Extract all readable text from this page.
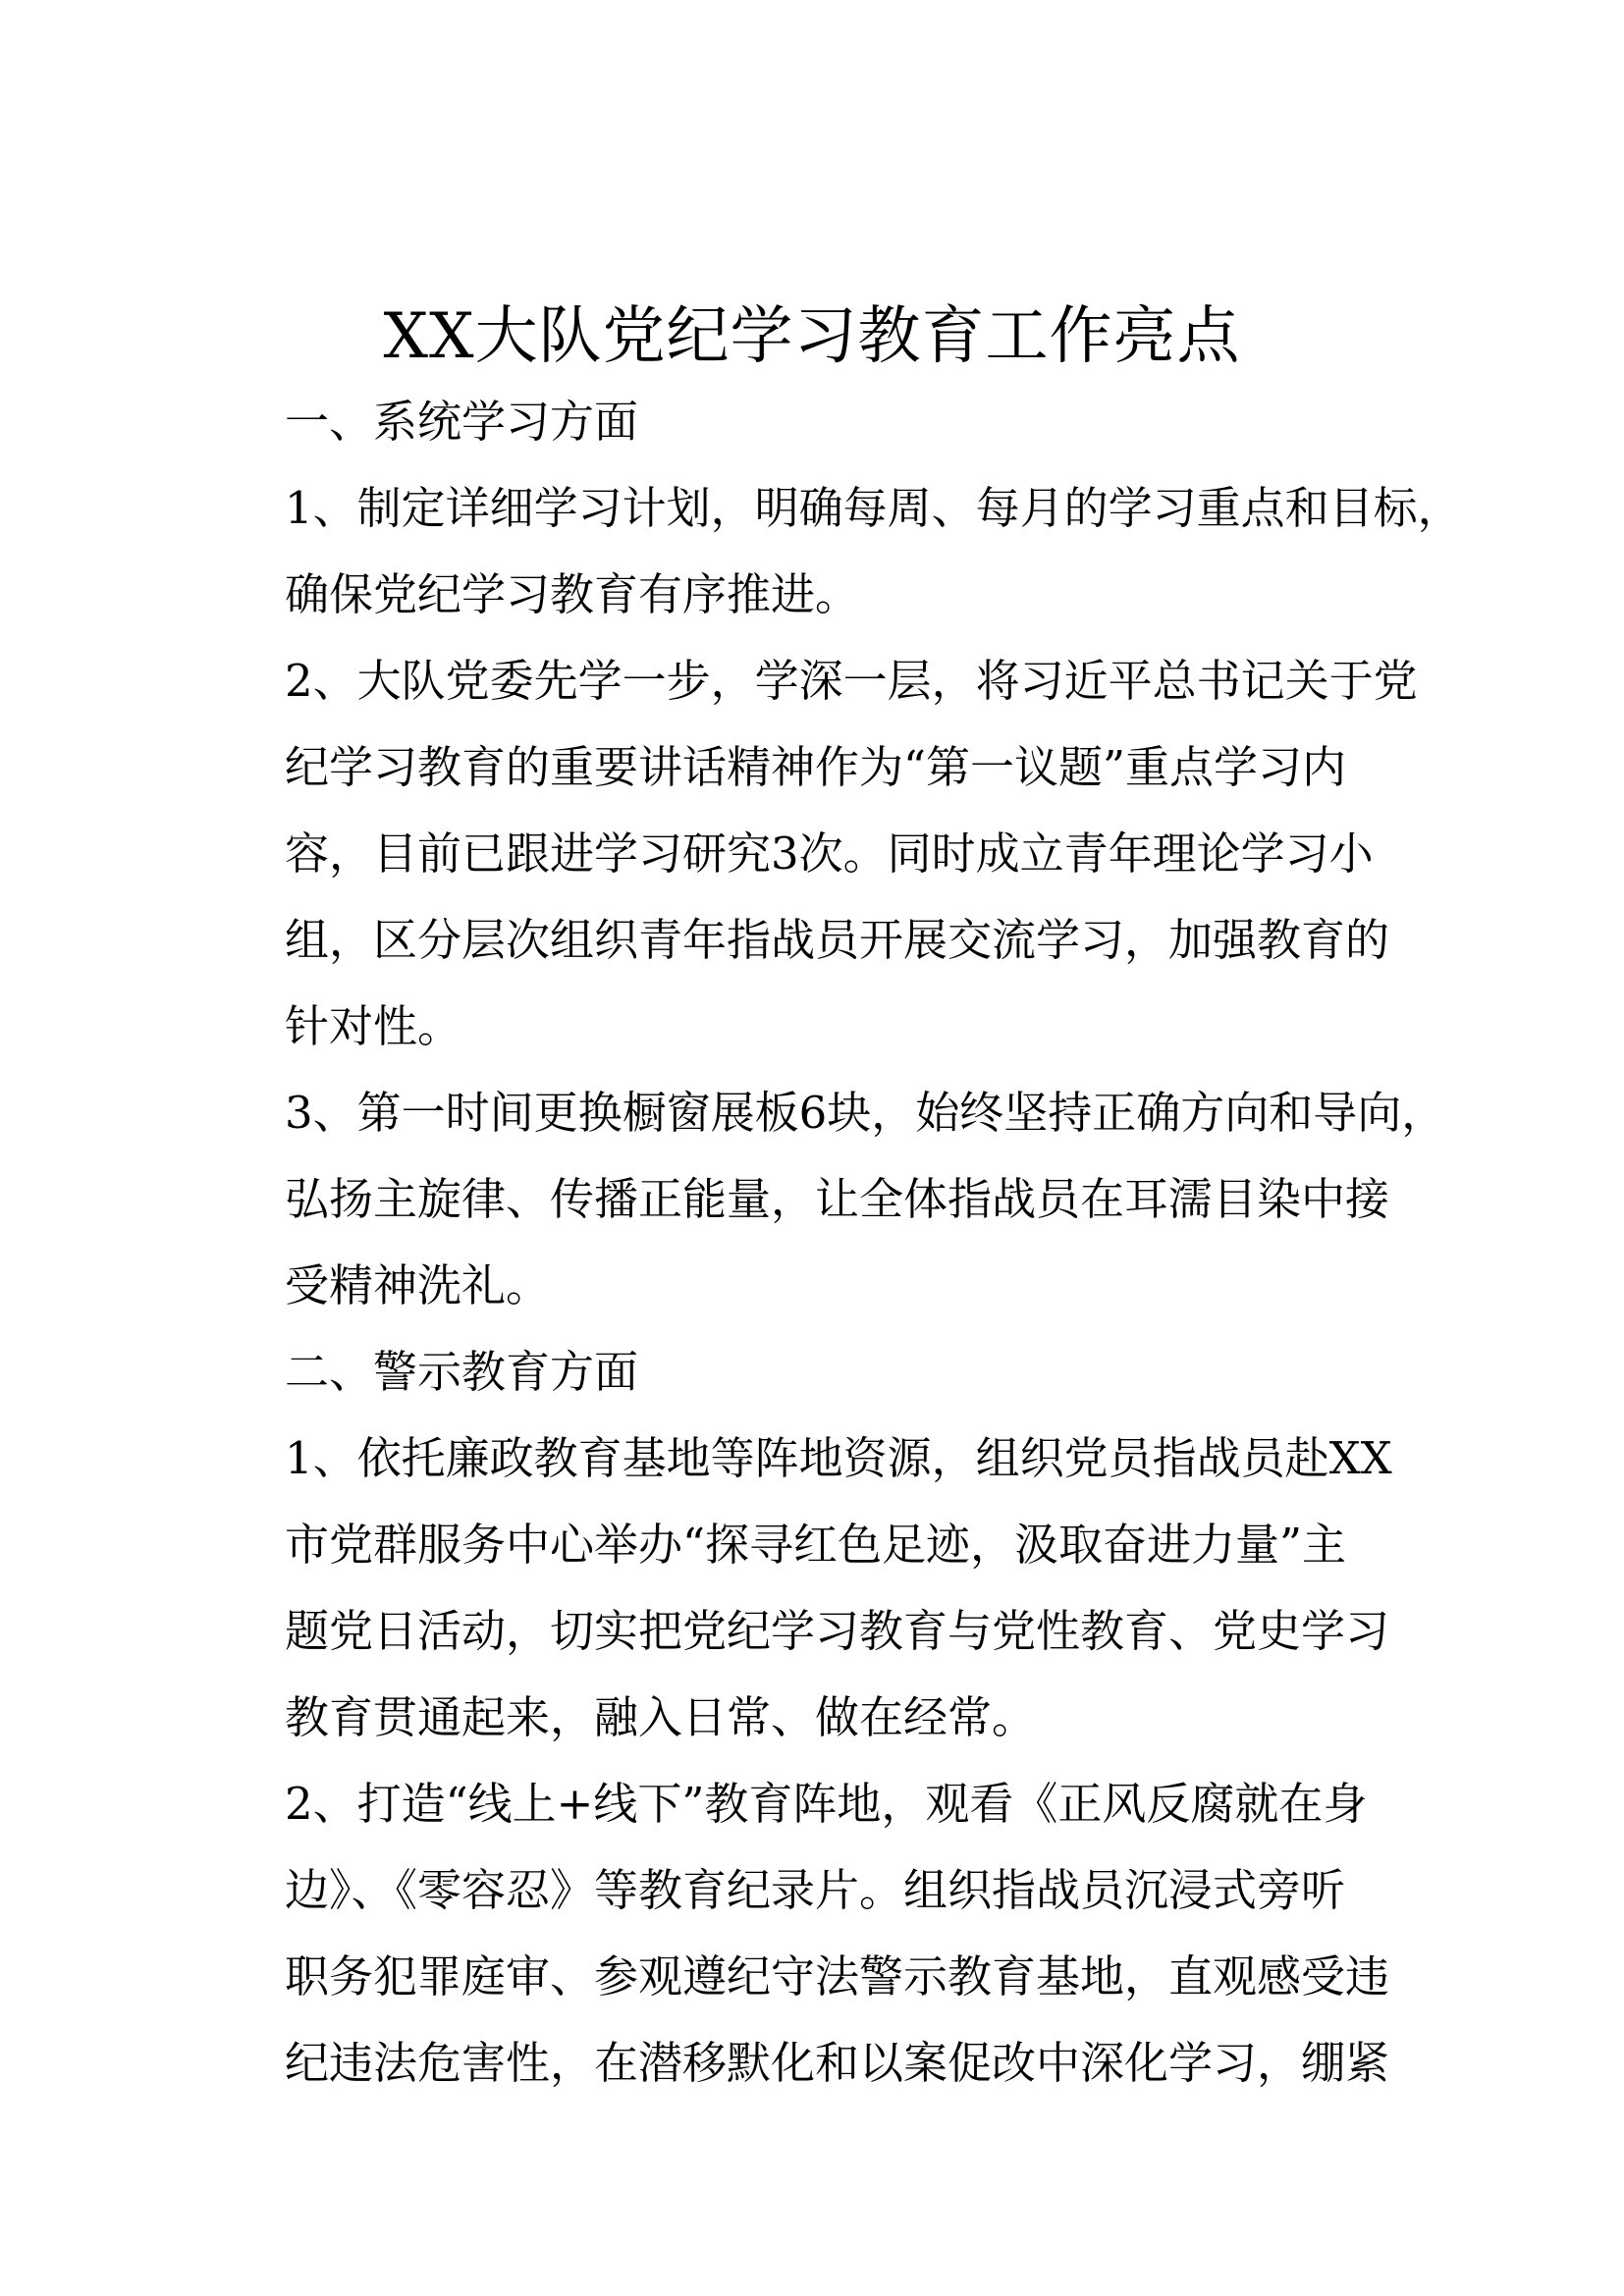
XX大队党纪学习教育工作亮点

一、系统学习方面

1、制定详细学习计划，明确每周、每月的学习重点和目标，

确保党纪学习教育有序推进。

2、大队党委先学一步，学深一层，将习近平总书记关于党

纪学习教育的重要讲话精神作为“第一议题”重点学习内

容，目前已跟进学习研究3次。同时成立青年理论学习小

组，区分层次组织青年指战员开展交流学习，加强教育的

针对性。

3、第一时间更换橱窗展板6块，始终坚持正确方向和导向，

弘扬主旋律、传播正能量，让全体指战员在耳濡目染中接

受精神洗礼。

二、警示教育方面

1、依托廉政教育基地等阵地资源，组织党员指战员赴XX

市党群服务中心举办“探寻红色足迹，汲取奋进力量”主

题党日活动，切实把党纪学习教育与党性教育、党史学习

教育贯通起来，融入日常、做在经常。

2、打造“线上+线下”教育阵地，观看《正风反腐就在身

边》、《零容忍》等教育纪录片。组织指战员沉浸式旁听

职务犯罪庭审、参观遵纪守法警示教育基地，直观感受违

纪违法危害性，在潜移默化和以案促改中深化学习，绷紧
